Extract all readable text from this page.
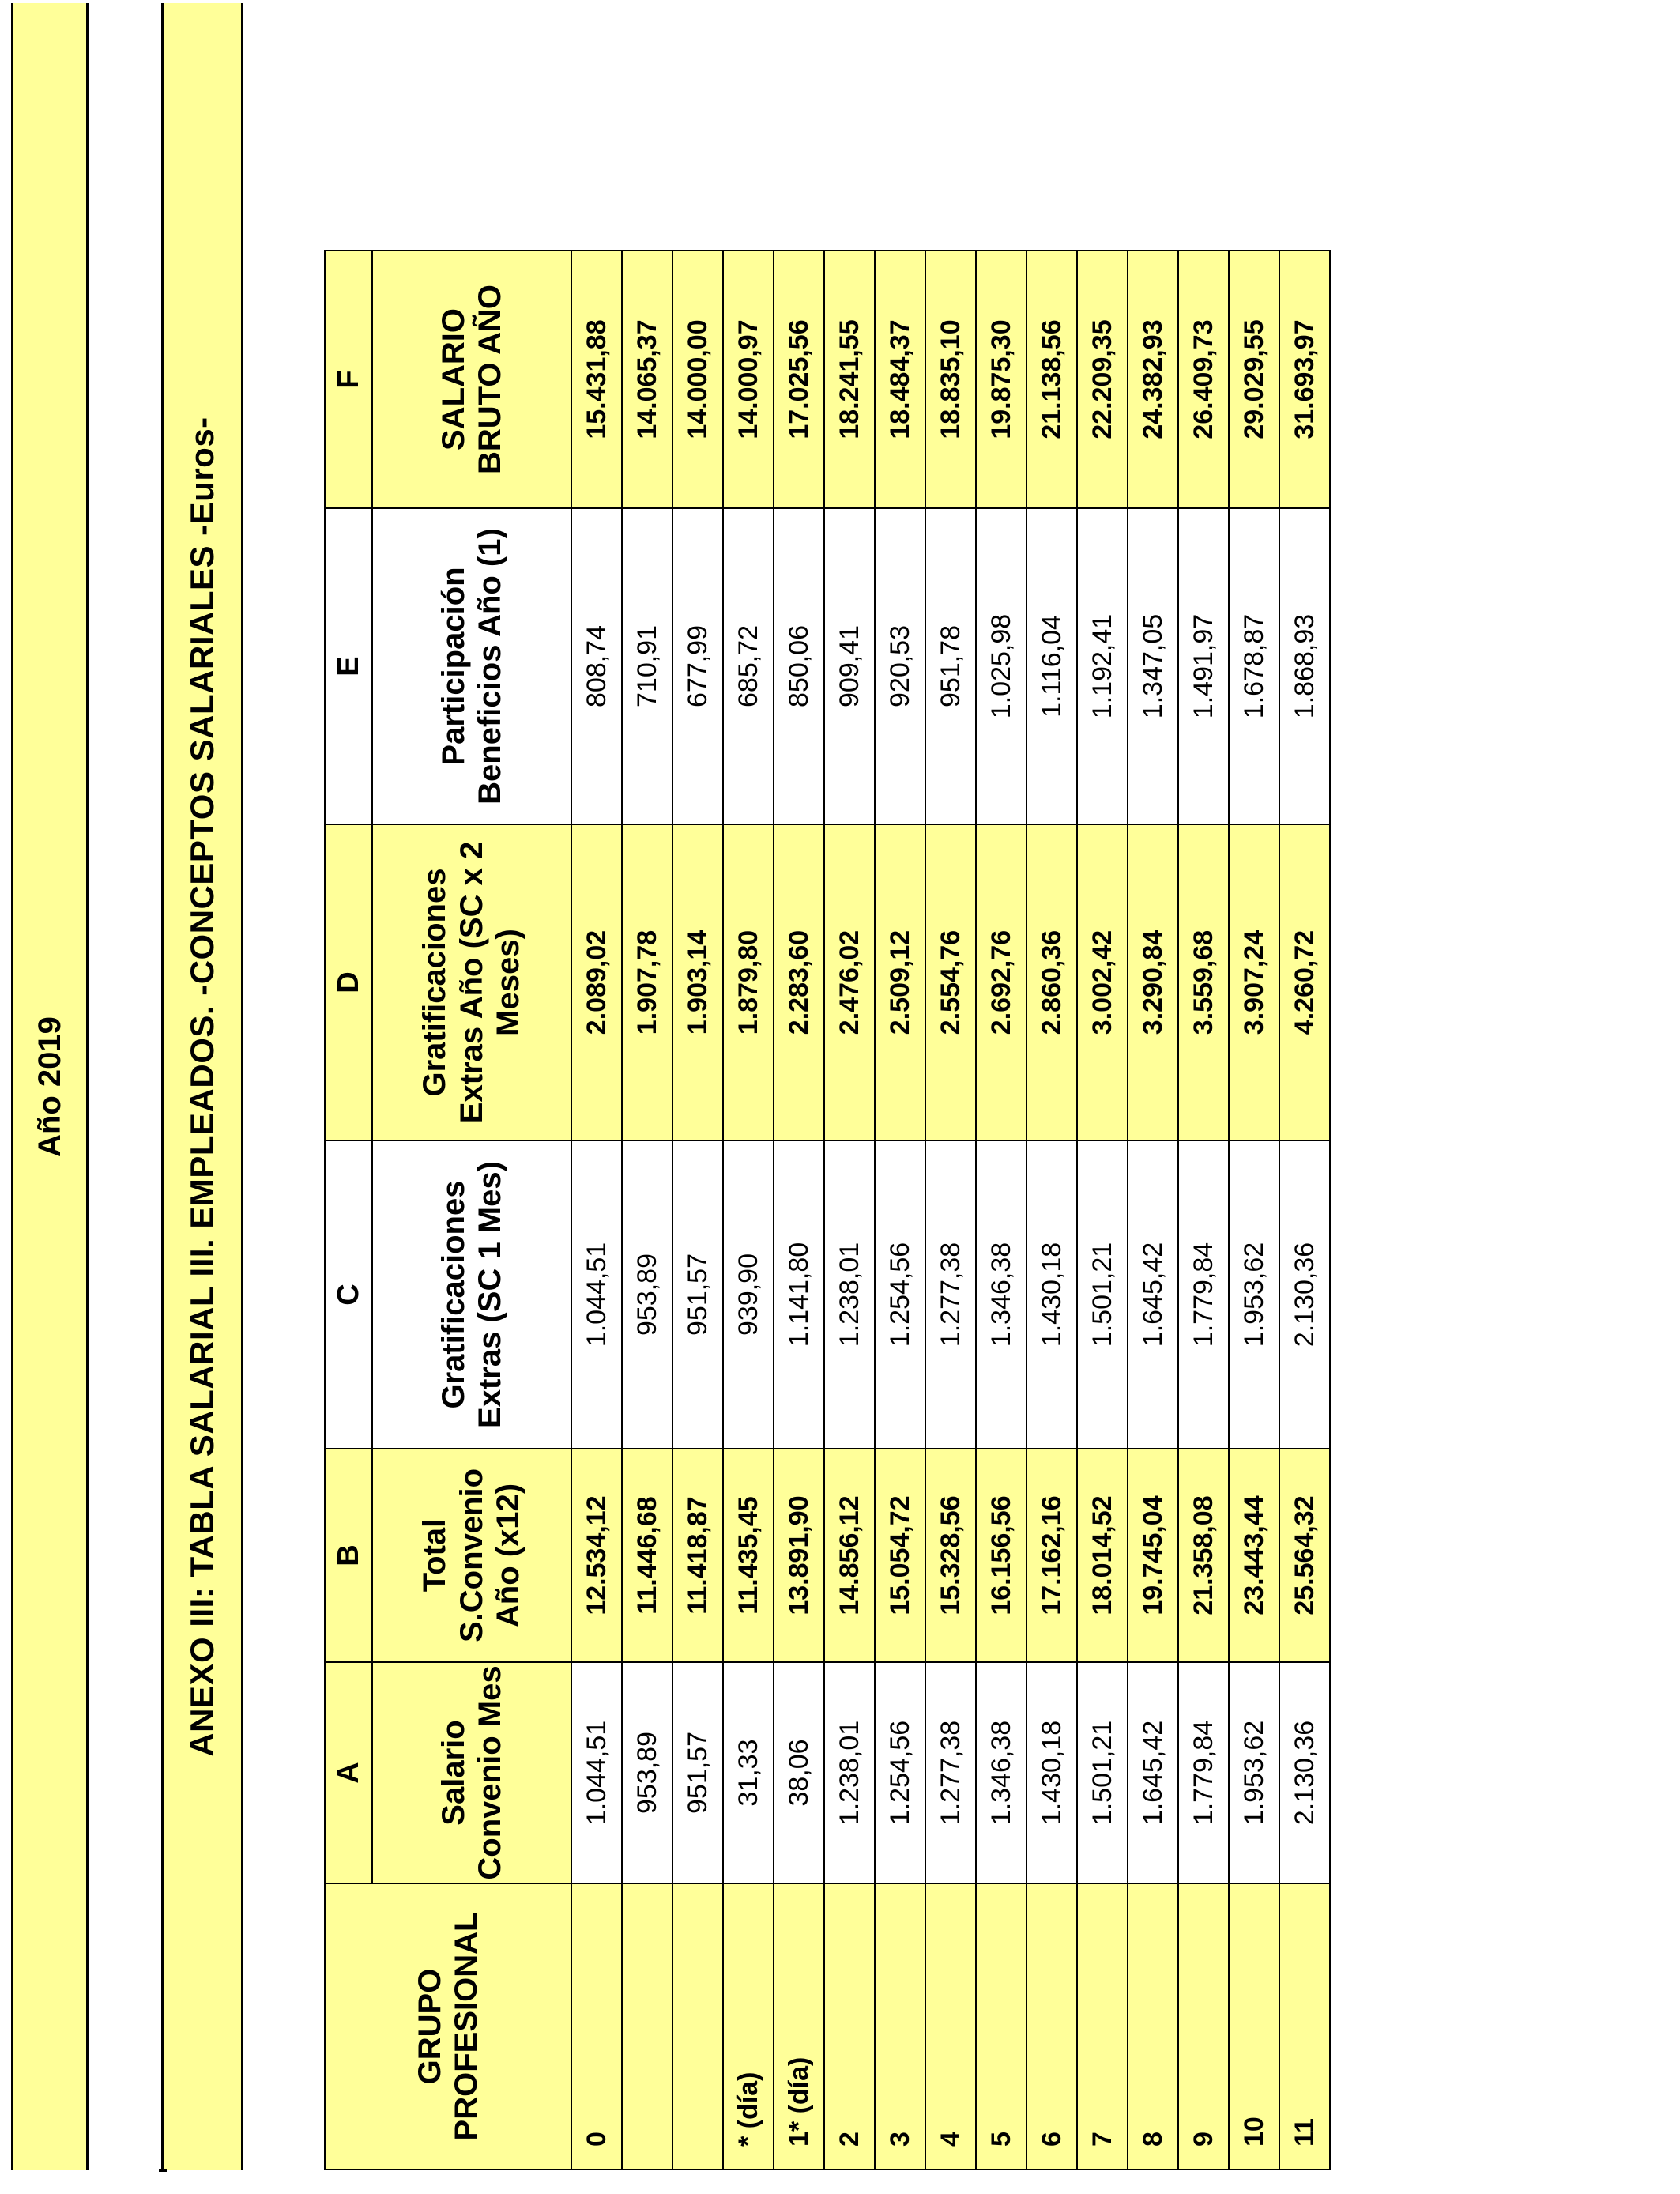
Año 2019	ANEXO III: TABLA SALARIAL III. EMPLEADOS. -CONCEPTOS SALARIALES -Euros-
GRUPO PROFESIONAL	A	B	C	D	E	F
	Salario Convenio Mes	Total S.Convenio Año (x12)	Gratificaciones Extras (SC 1 Mes)	Gratificaciones Extras Año (SC x 2 Meses)	Participación Beneficios Año (1)	SALARIO BRUTO AÑO
0	1.044,51	12.534,12	1.044,51	2.089,02	808,74	15.431,88
	953,89	11.446,68	953,89	1.907,78	710,91	14.065,37
	951,57	11.418,87	951,57	1.903,14	677,99	14.000,00
* (día)	31,33	11.435,45	939,90	1.879,80	685,72	14.000,97
1* (día)	38,06	13.891,90	1.141,80	2.283,60	850,06	17.025,56
2	1.238,01	14.856,12	1.238,01	2.476,02	909,41	18.241,55
3	1.254,56	15.054,72	1.254,56	2.509,12	920,53	18.484,37
4	1.277,38	15.328,56	1.277,38	2.554,76	951,78	18.835,10
5	1.346,38	16.156,56	1.346,38	2.692,76	1.025,98	19.875,30
6	1.430,18	17.162,16	1.430,18	2.860,36	1.116,04	21.138,56
7	1.501,21	18.014,52	1.501,21	3.002,42	1.192,41	22.209,35
8	1.645,42	19.745,04	1.645,42	3.290,84	1.347,05	24.382,93
9	1.779,84	21.358,08	1.779,84	3.559,68	1.491,97	26.409,73
10	1.953,62	23.443,44	1.953,62	3.907,24	1.678,87	29.029,55
11	2.130,36	25.564,32	2.130,36	4.260,72	1.868,93	31.693,97
